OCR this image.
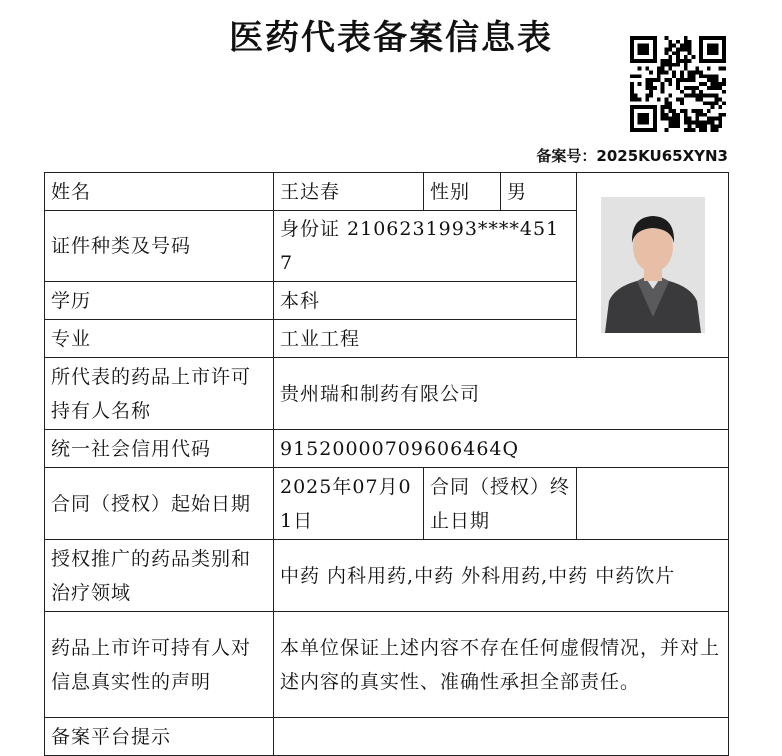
医药代表备案信息表
备案号：2025KU65XYN3
姓名	王达春	性别	男	

证件种类及号码	身份证 2106231993****4517			
学历	本科			
专业	工业工程			
所代表的药品上市许可持有人名称	贵州瑞和制药有限公司			
统一社会信用代码	91520000709606464Q			
合同（授权）起始日期	2025年07月01日	合同（授权）终止日期		
授权推广的药品类别和治疗领域	中药 内科用药,中药 外科用药,中药 中药饮片			
药品上市许可持有人对信息真实性的声明	本单位保证上述内容不存在任何虚假情况，并对上述内容的真实性、准确性承担全部责任。			
备案平台提示				
